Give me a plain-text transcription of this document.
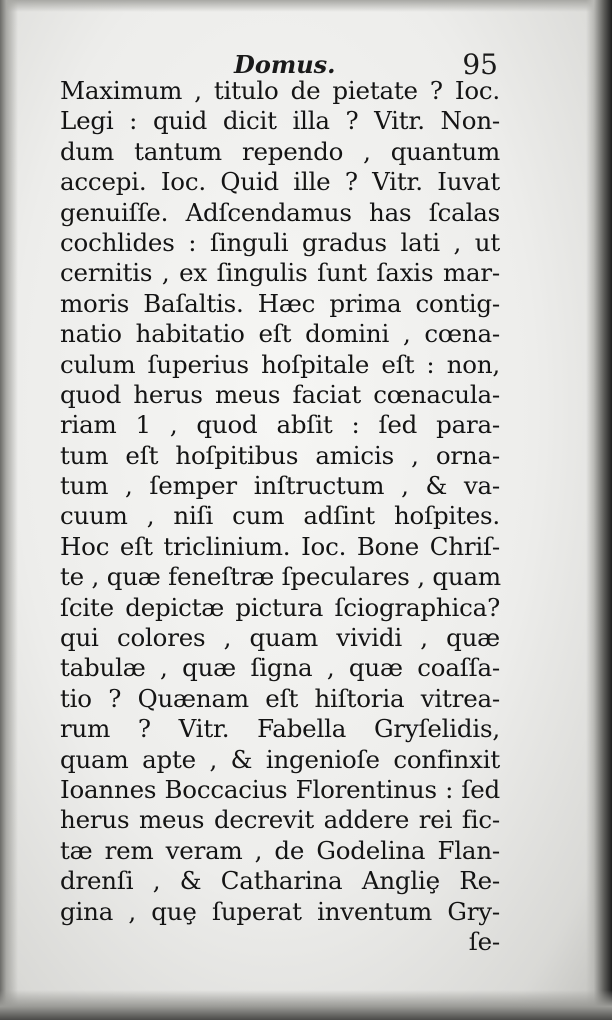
Domus.	95
Maximum , titulo de pietate ? Ioc.
Legi : quid dicit illa ? Vitr. Non-
dum tantum rependo , quantum
accepi. Ioc. Quid ille ? Vitr. Iuvat
genuiſſe. Adſcendamus has ſcalas
cochlides : ſinguli gradus lati , ut
cernitis , ex ſingulis ſunt ſaxis mar-
moris Baſaltis. Hæc prima contig-
natio habitatio eſt domini , cœna-
culum ſuperius hoſpitale eſt : non,
quod herus meus faciat cœnacula-
riam 1 , quod abſit : ſed para-
tum eſt hoſpitibus amicis , orna-
tum , ſemper inſtructum , & va-
cuum , niſi cum adſint hoſpites.
Hoc eſt triclinium. Ioc. Bone Chriſ-
te , quæ feneſtræ ſpeculares , quam
ſcite depictæ pictura ſciographica?
qui colores , quam vividi , quæ
tabulæ , quæ ſigna , quæ coaſſa-
tio ? Quænam eſt hiſtoria vitrea-
rum ? Vitr. Fabella Gryſelidis,
quam apte , & ingenioſe confinxit
Ioannes Boccacius Florentinus : ſed
herus meus decrevit addere rei fic-
tæ rem veram , de Godelina Flan-
drenſi , & Catharina Angliȩ Re-
gina , quȩ ſuperat inventum Gry-
ſe-
